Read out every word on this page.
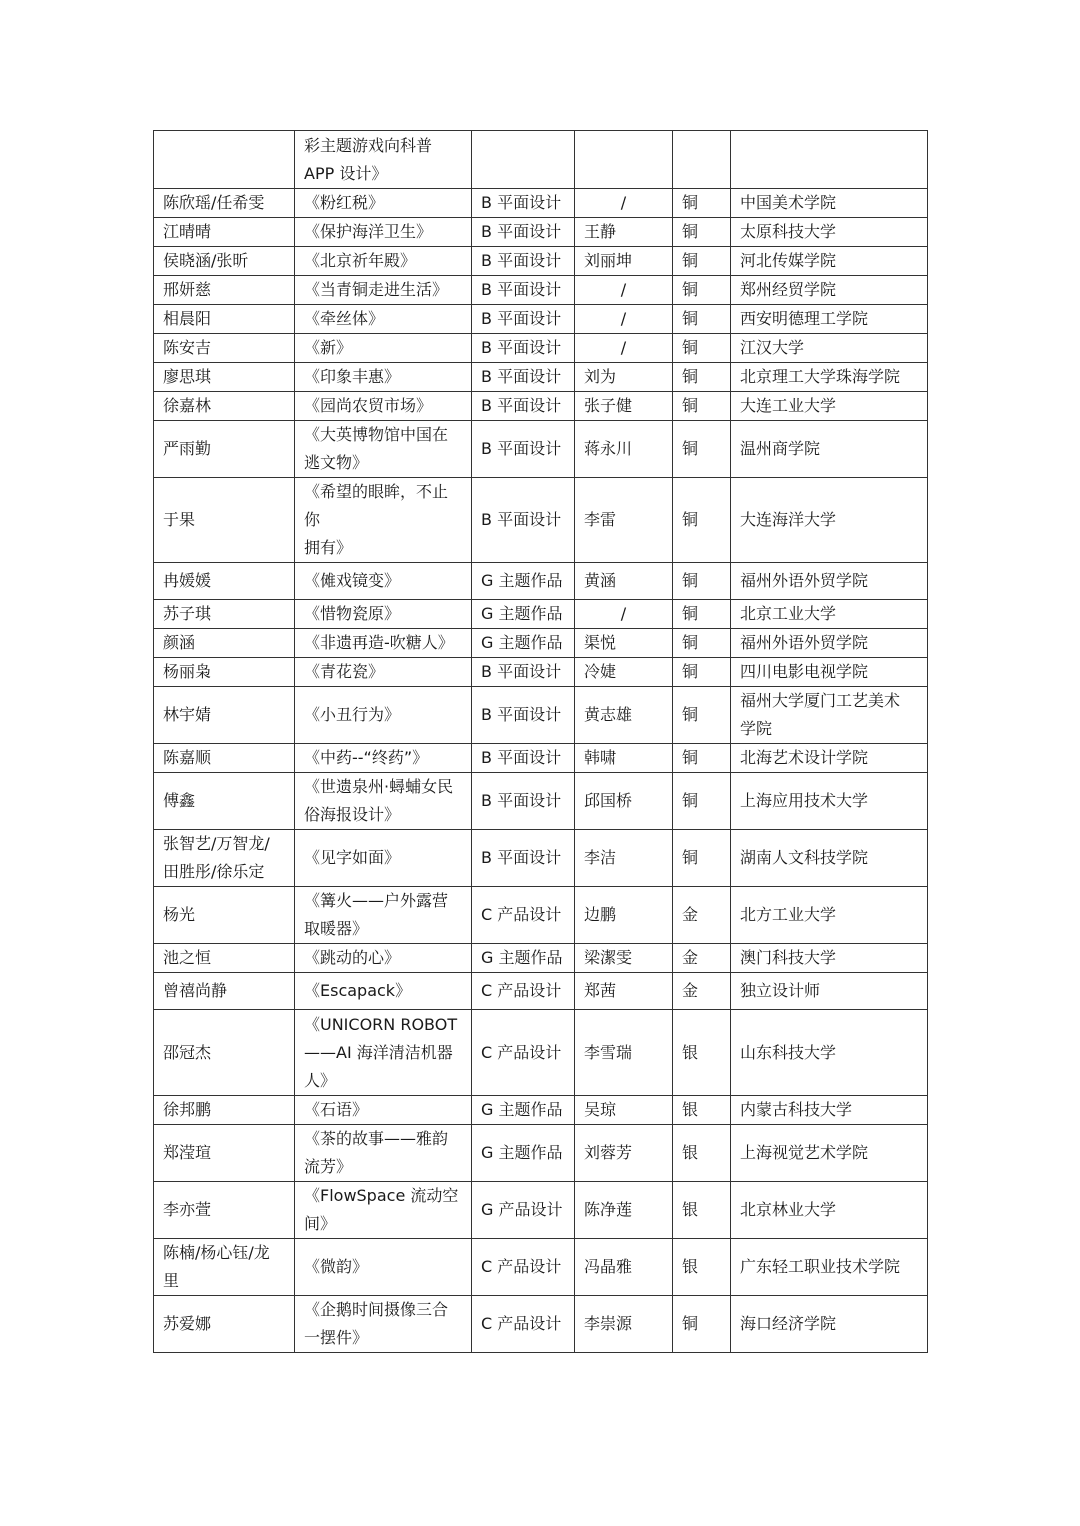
	彩主题游戏向科普
APP 设计》				
陈欣瑶/任希雯	《粉红税》	B 平面设计	/	铜	中国美术学院
江晴晴	《保护海洋卫生》	B 平面设计	王静	铜	太原科技大学
侯晓涵/张昕	《北京祈年殿》	B 平面设计	刘丽坤	铜	河北传媒学院
邢妍慈	《当青铜走进生活》	B 平面设计	/	铜	郑州经贸学院
相晨阳	《牵丝体》	B 平面设计	/	铜	西安明德理工学院
陈安吉	《新》	B 平面设计	/	铜	江汉大学
廖思琪	《印象丰惠》	B 平面设计	刘为	铜	北京理工大学珠海学院
徐嘉林	《园尚农贸市场》	B 平面设计	张子健	铜	大连工业大学
严雨勤	《大英博物馆中国在
逃文物》	B 平面设计	蒋永川	铜	温州商学院
于果	《希望的眼眸，不止你
拥有》	B 平面设计	李雷	铜	大连海洋大学
冉媛媛	《傩戏镜变》	G 主题作品	黄涵	铜	福州外语外贸学院
苏子琪	《惜物瓷原》	G 主题作品	/	铜	北京工业大学
颜涵	《非遗再造-吹糖人》	G 主题作品	渠悦	铜	福州外语外贸学院
杨丽枭	《青花瓷》	B 平面设计	冷婕	铜	四川电影电视学院
林宇婧	《小丑行为》	B 平面设计	黄志雄	铜	福州大学厦门工艺美术
学院
陈嘉顺	《中药--“终药”》	B 平面设计	韩啸	铜	北海艺术设计学院
傅鑫	《世遗泉州·蟳蜅女民
俗海报设计》	B 平面设计	邱国桥	铜	上海应用技术大学
张智艺/万智龙/
田胜彤/徐乐定	《见字如面》	B 平面设计	李洁	铜	湖南人文科技学院
杨光	《篝火——户外露营
取暖器》	C 产品设计	边鹏	金	北方工业大学
池之恒	《跳动的心》	G 主题作品	梁潔雯	金	澳门科技大学
曾禧尚静	《Escapack》	C 产品设计	郑茜	金	独立设计师
邵冠杰	《UNICORN ROBOT
——AI 海洋清洁机器
人》	C 产品设计	李雪瑞	银	山东科技大学
徐邦鹏	《石语》	G 主题作品	吴琼	银	内蒙古科技大学
郑滢瑄	《茶的故事——雅韵
流芳》	G 主题作品	刘蓉芳	银	上海视觉艺术学院
李亦萱	《FlowSpace 流动空
间》	G 产品设计	陈净莲	银	北京林业大学
陈楠/杨心钰/龙
里	《微韵》	C 产品设计	冯晶雅	银	广东轻工职业技术学院
苏爱娜	《企鹅时间摄像三合
一摆件》	C 产品设计	李崇源	铜	海口经济学院
